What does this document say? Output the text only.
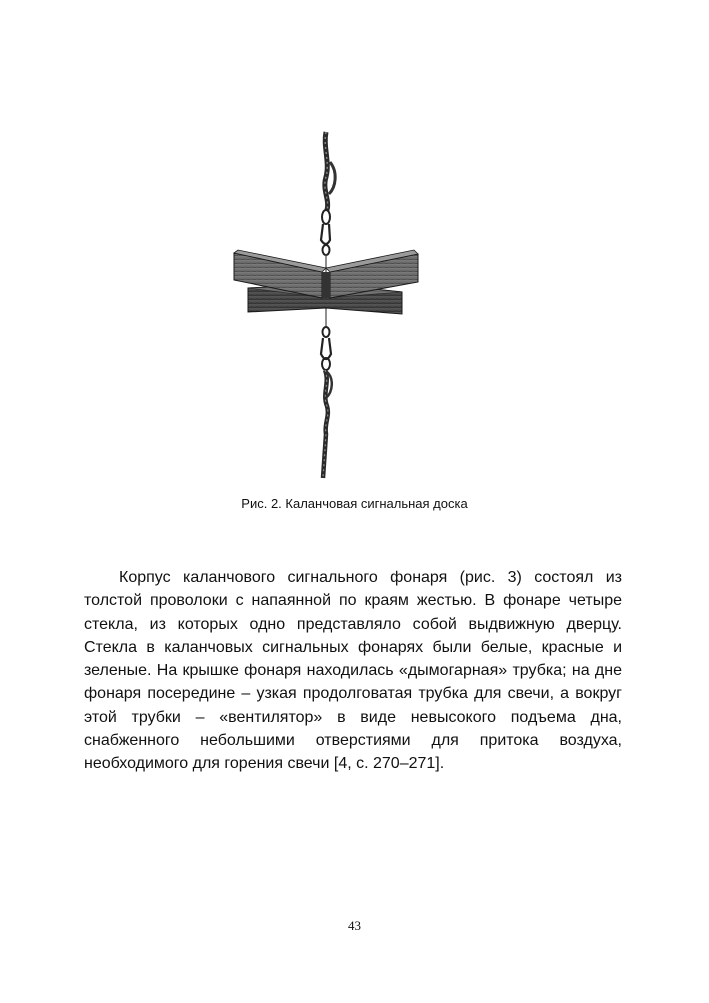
Рис. 2. Каланчовая сигнальная доска

Корпус каланчового сигнального фонаря (рис. 3) состоял из толстой проволоки с напаянной по краям жестью. В фонаре четыре стекла, из которых одно представляло собой выдвижную дверцу. Стекла в каланчовых сигнальных фонарях были белые, красные и зеленые. На крышке фонаря находилась «дымогарная» трубка; на дне фонаря посередине – узкая продолговатая трубка для свечи, а вокруг этой трубки – «вентилятор» в виде невысокого подъема дна, снабженного небольшими отверстиями для притока воздуха, необходимого для горения свечи [4, с. 270–271].

43
